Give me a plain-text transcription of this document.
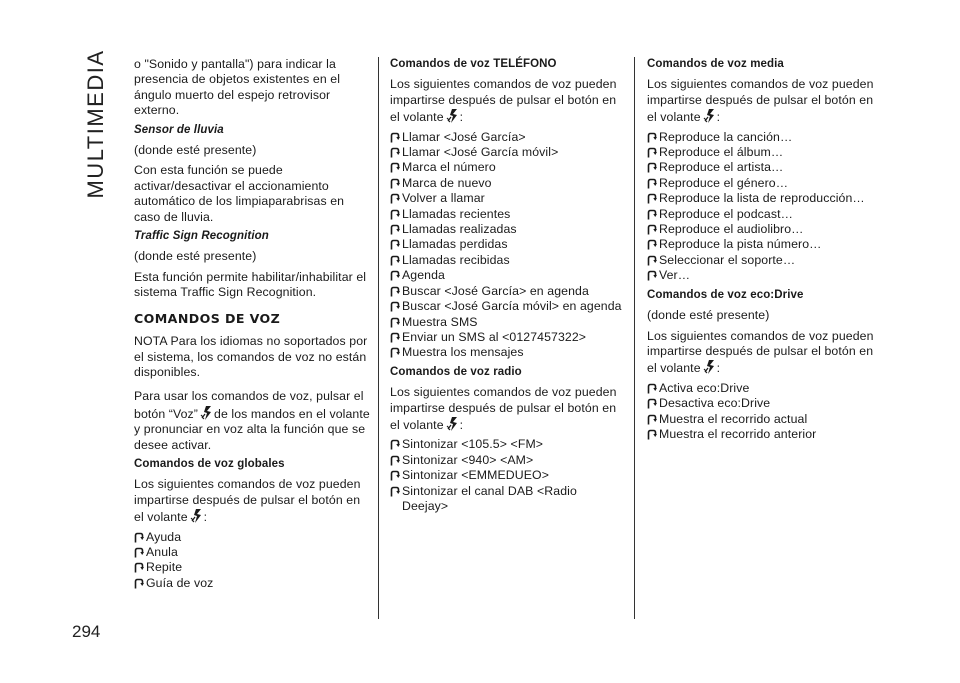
MULTIMEDIA
294

o "Sonido y pantalla") para indicar la presencia de objetos existentes en el ángulo muerto del espejo retrovisor externo.

Sensor de lluvia

(donde esté presente)

Con esta función se puede activar/desactivar el accionamiento automático de los limpiaparabrisas en caso de lluvia.

Traffic Sign Recognition

(donde esté presente)

Esta función permite habilitar/inhabilitar el sistema Traffic Sign Recognition.

COMANDOS DE VOZ

NOTA Para los idiomas no soportados por el sistema, los comandos de voz no están disponibles.

Para usar los comandos de voz, pulsar el botón “Voz” de los mandos en el volante y pronunciar en voz alta la función que se desee activar.

Comandos de voz globales

Los siguientes comandos de voz pueden impartirse después de pulsar el botón en el volante :

Ayuda
Anula
Repite
Guía de voz
Comandos de voz TELÉFONO

Los siguientes comandos de voz pueden impartirse después de pulsar el botón en el volante :

Llamar <José García>
Llamar <José García móvil>
Marca el número
Marca de nuevo
Volver a llamar
Llamadas recientes
Llamadas realizadas
Llamadas perdidas
Llamadas recibidas
Agenda
Buscar <José García> en agenda
Buscar <José García móvil> en agenda
Muestra SMS
Enviar un SMS al <0127457322>
Muestra los mensajes
Comandos de voz radio

Los siguientes comandos de voz pueden impartirse después de pulsar el botón en el volante :

Sintonizar <105.5> <FM>
Sintonizar <940> <AM>
Sintonizar <EMMEDUEO>
Sintonizar el canal DAB <Radio Deejay>
Comandos de voz media

Los siguientes comandos de voz pueden impartirse después de pulsar el botón en el volante :

Reproduce la canción…
Reproduce el álbum…
Reproduce el artista…
Reproduce el género…
Reproduce la lista de reproducción…
Reproduce el podcast…
Reproduce el audiolibro…
Reproduce la pista número…
Seleccionar el soporte…
Ver…
Comandos de voz eco:Drive

(donde esté presente)

Los siguientes comandos de voz pueden impartirse después de pulsar el botón en el volante :

Activa eco:Drive
Desactiva eco:Drive
Muestra el recorrido actual
Muestra el recorrido anterior
